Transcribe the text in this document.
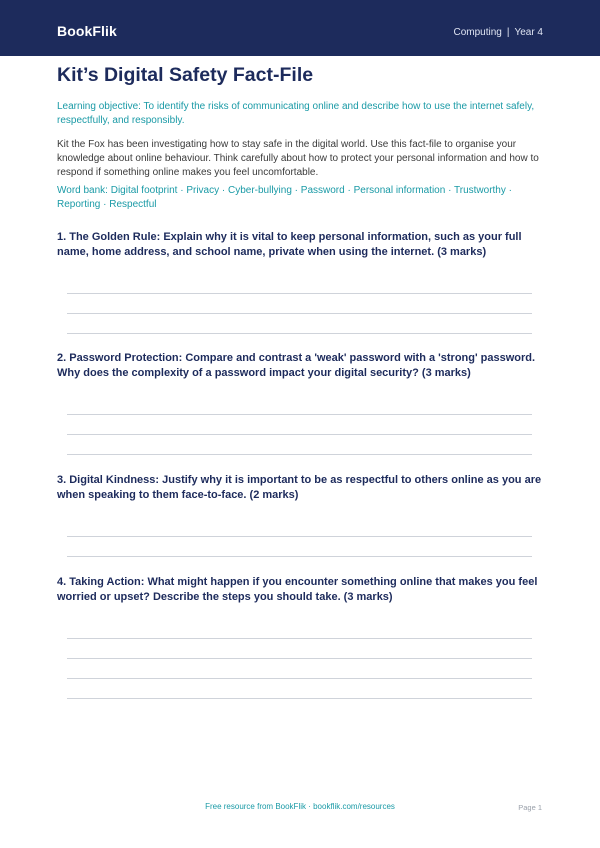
BookFlik	Computing | Year 4
Kit’s Digital Safety Fact-File

Learning objective: To identify the risks of communicating online and describe how to use the internet safely, respectfully, and responsibly.

Kit the Fox has been investigating how to stay safe in the digital world. Use this fact-file to organise your knowledge about online behaviour. Think carefully about how to protect your personal information and how to respond if something online makes you feel uncomfortable.

Word bank: Digital footprint · Privacy · Cyber-bullying · Password · Personal information · Trustworthy · Reporting · Respectful

1. The Golden Rule: Explain why it is vital to keep personal information, such as your full name, home address, and school name, private when using the internet. (3 marks)

2. Password Protection: Compare and contrast a 'weak' password with a 'strong' password. Why does the complexity of a password impact your digital security? (3 marks)

3. Digital Kindness: Justify why it is important to be as respectful to others online as you are when speaking to them face-to-face. (2 marks)

4. Taking Action: What might happen if you encounter something online that makes you feel worried or upset? Describe the steps you should take. (3 marks)

Free resource from BookFlik · bookflik.com/resources	Page 1
